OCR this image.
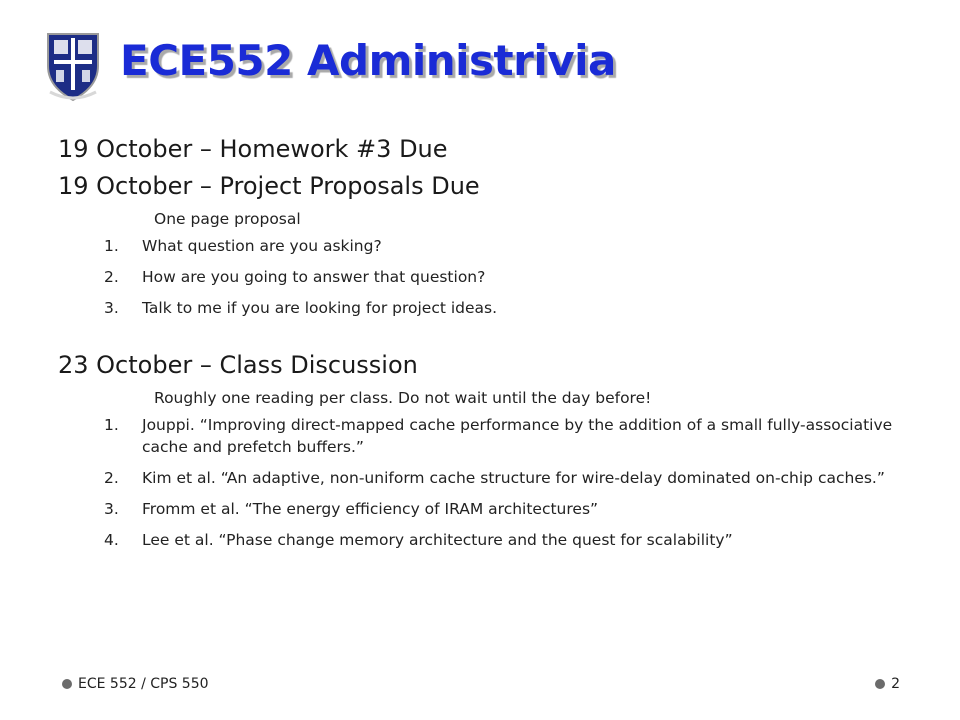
ECE552 Administrivia

19 October – Homework #3 Due

19 October – Project Proposals Due

One page proposal

1.	What question are you asking?
2.	How are you going to answer that question?
3.	Talk to me if you are looking for project ideas.

23 October – Class Discussion

Roughly one reading per class. Do not wait until the day before!

1.	Jouppi. “Improving direct-mapped cache performance by the addition of a small fully-associative cache and prefetch buffers.”
2.	Kim et al. “An adaptive, non-uniform cache structure for wire-delay dominated on-chip caches.”
3.	Fromm et al. “The energy efficiency of IRAM architectures”
4.	Lee et al. “Phase change memory architecture and the quest for scalability”
ECE 552 / CPS 550	2
